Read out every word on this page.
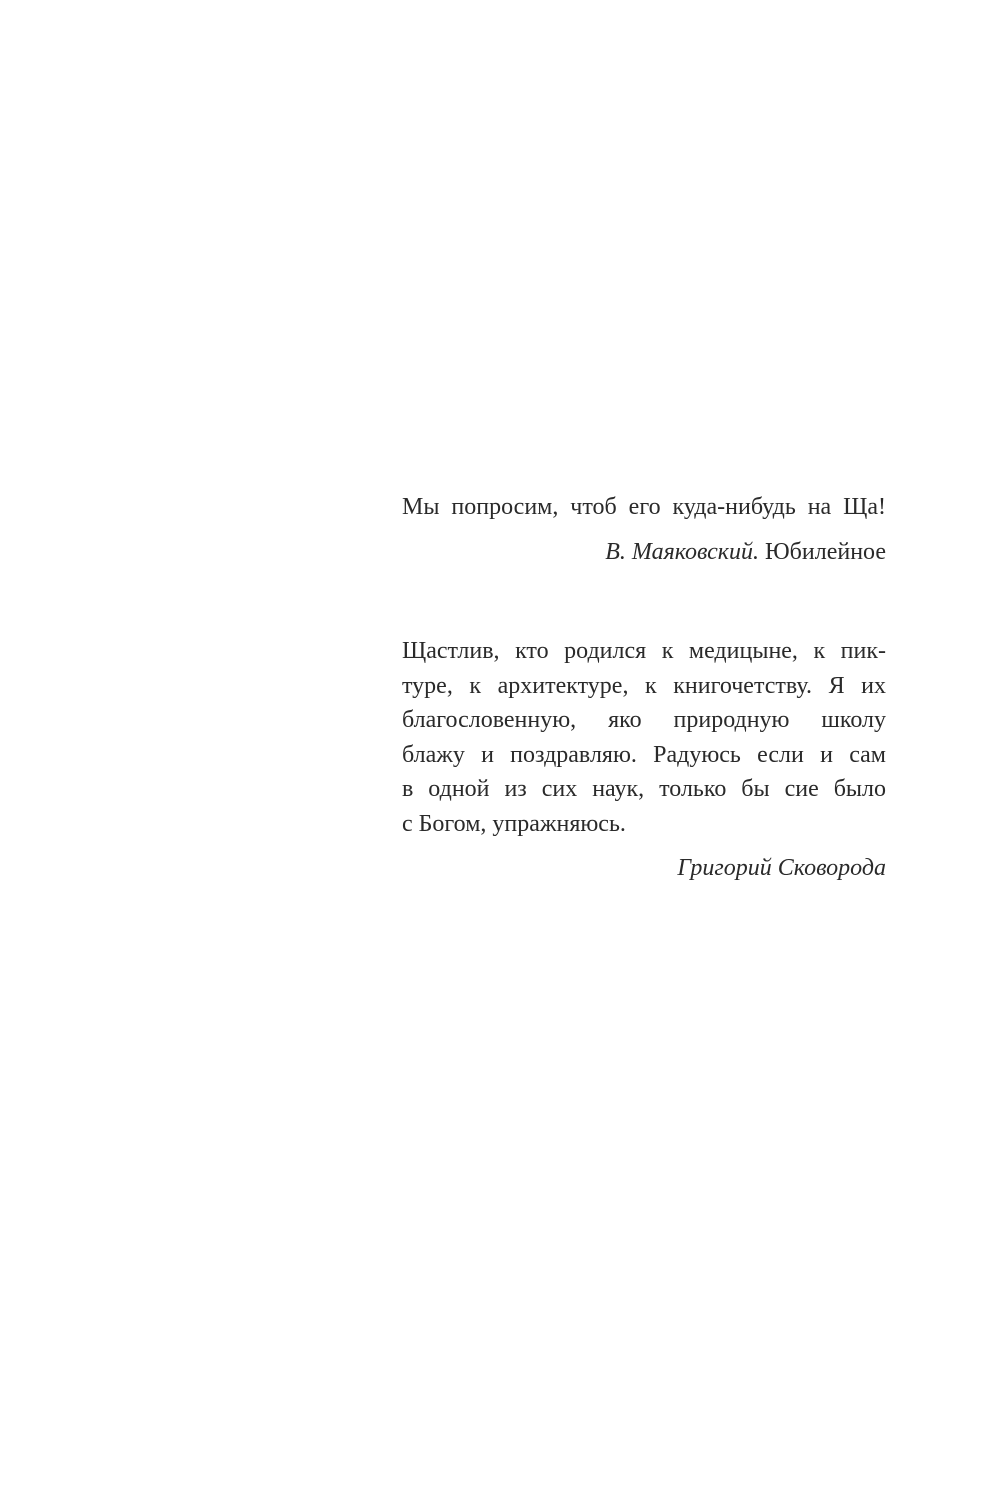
Мы попросим, чтоб его куда-нибудь на Ща!
В. Маяковский. Юбилейное
Щастлив, кто родился к медицыне, к пик-
туре, к архитектуре, к книгочетству. Я их
благословенную, яко природную школу
блажу и поздравляю. Радуюсь если и сам
в одной из сих наук, только бы сие было
с Богом, упражняюсь.
Григорий Сковорода
